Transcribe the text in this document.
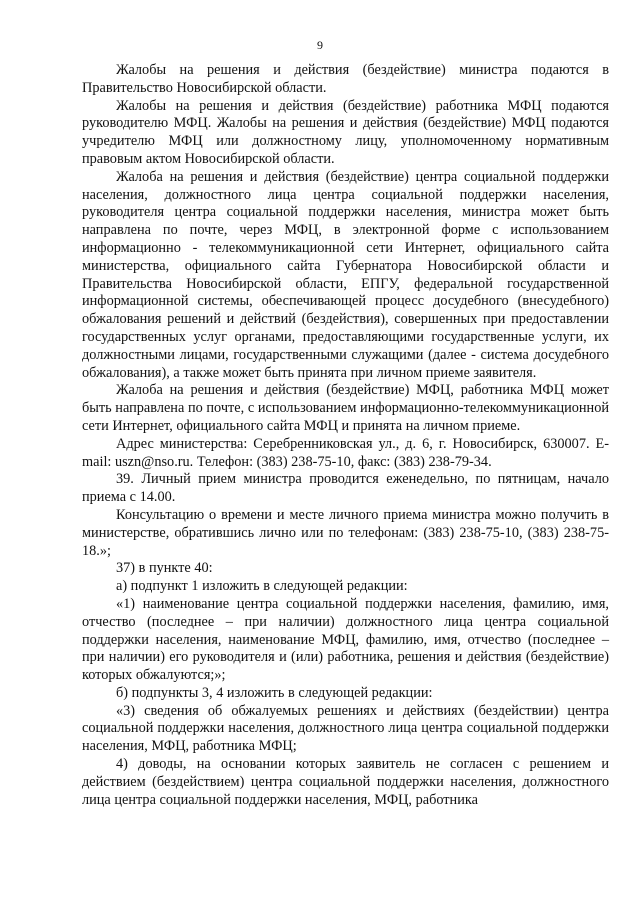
9

Жалобы на решения и действия (бездействие) министра подаются в Правительство Новосибирской области.

Жалобы на решения и действия (бездействие) работника МФЦ подаются руководителю МФЦ. Жалобы на решения и действия (бездействие) МФЦ подаются учредителю МФЦ или должностному лицу, уполномоченному нормативным правовым актом Новосибирской области.

Жалоба на решения и действия (бездействие) центра социальной поддержки населения, должностного лица центра социальной поддержки населения, руководителя центра социальной поддержки населения, министра может быть направлена по почте, через МФЦ, в электронной форме с использованием информационно - телекоммуникационной сети Интернет, официального сайта министерства, официального сайта Губернатора Новосибирской области и Правительства Новосибирской области, ЕПГУ, федеральной государственной информационной системы, обеспечивающей процесс досудебного (внесудебного) обжалования решений и действий (бездействия), совершенных при предоставлении государственных услуг органами, предоставляющими государственные услуги, их должностными лицами, государственными служащими (далее - система досудебного обжалования), а также может быть принята при личном приеме заявителя.

Жалоба на решения и действия (бездействие) МФЦ, работника МФЦ может быть направлена по почте, с использованием информационно-телекоммуникационной сети Интернет, официального сайта МФЦ и принята на личном приеме.

Адрес министерства: Серебренниковская ул., д. 6, г. Новосибирск, 630007. E-mail: uszn@nso.ru. Телефон: (383) 238-75-10, факс: (383) 238-79-34.

39. Личный прием министра проводится еженедельно, по пятницам, начало приема с 14.00.

Консультацию о времени и месте личного приема министра можно получить в министерстве, обратившись лично или по телефонам: (383) 238-75-10, (383) 238-75-18.»;

37) в пункте 40:

а) подпункт 1 изложить в следующей редакции:

«1) наименование центра социальной поддержки населения, фамилию, имя, отчество (последнее – при наличии) должностного лица центра социальной поддержки населения, наименование МФЦ, фамилию, имя, отчество (последнее – при наличии) его руководителя и (или) работника, решения и действия (бездействие) которых обжалуются;»;

б) подпункты 3, 4 изложить в следующей редакции:

«3) сведения об обжалуемых решениях и действиях (бездействии) центра социальной поддержки населения, должностного лица центра социальной поддержки населения, МФЦ, работника МФЦ;

4) доводы, на основании которых заявитель не согласен с решением и действием (бездействием) центра социальной поддержки населения, должностного лица центра социальной поддержки населения, МФЦ, работника
